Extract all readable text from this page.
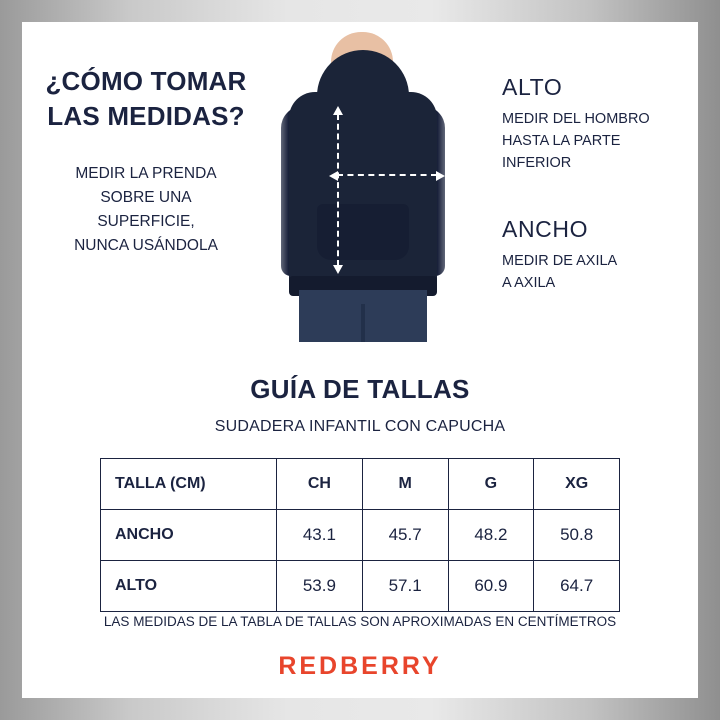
¿CÓMO TOMAR
LAS MEDIDAS?
MEDIR LA PRENDA
SOBRE UNA
SUPERFICIE,
NUNCA USÁNDOLA
ALTO
MEDIR DEL HOMBRO
HASTA LA PARTE
INFERIOR
ANCHO
MEDIR DE AXILA
A AXILA
GUÍA DE TALLAS
SUDADERA INFANTIL CON CAPUCHA
TALLA (CM)	CH	M	G	XG
ANCHO	43.1	45.7	48.2	50.8
ALTO	53.9	57.1	60.9	64.7
LAS MEDIDAS DE LA TABLA DE TALLAS SON APROXIMADAS EN CENTÍMETROS
REDBERRY
